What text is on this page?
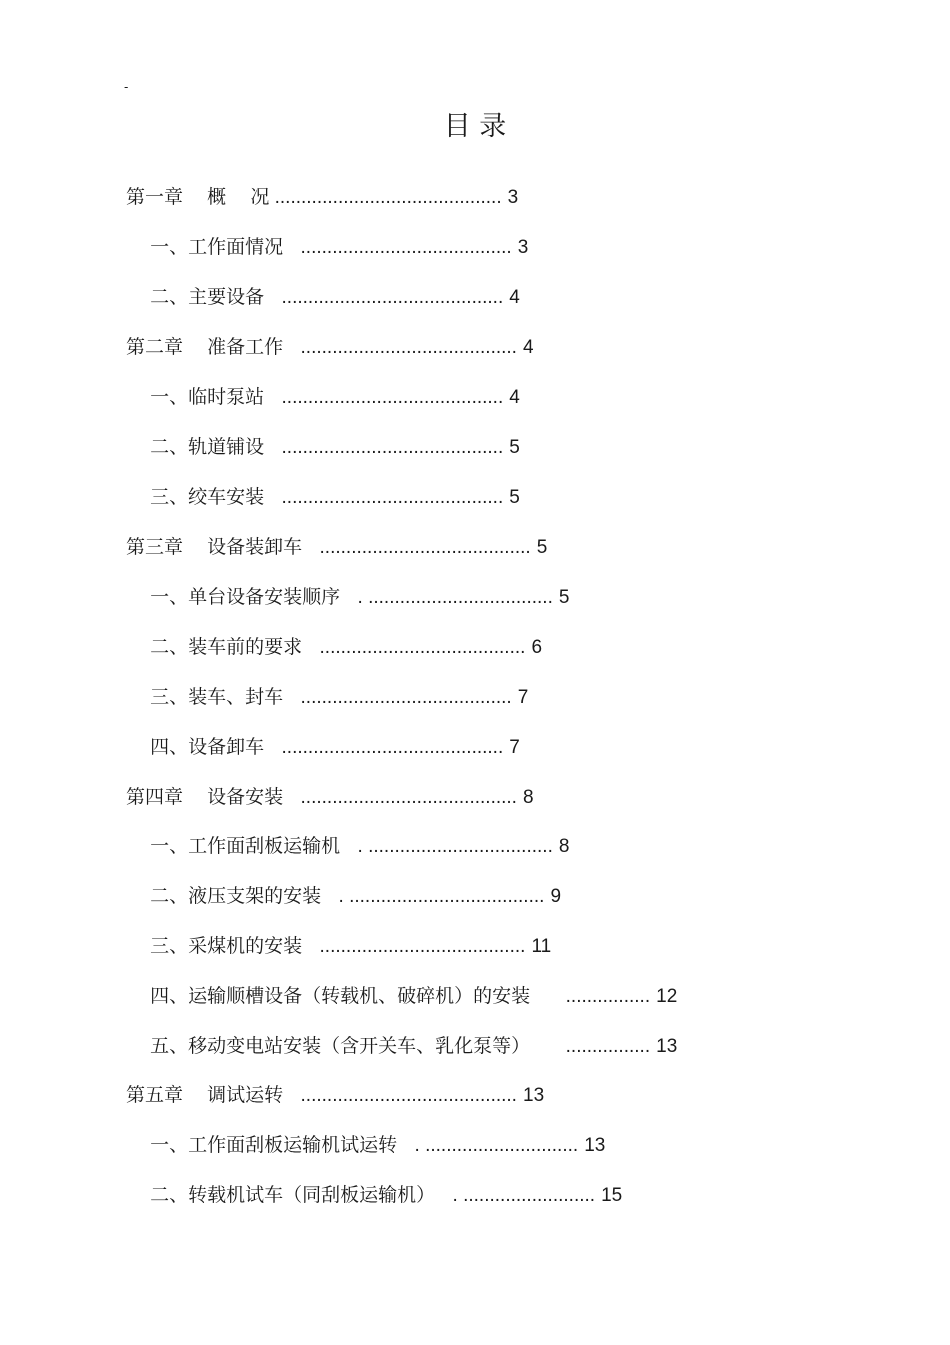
-
目 录
第一章    概    况 ........................................... 3
一、工作面情况   ........................................ 3
二、主要设备   .......................................... 4
第二章    准备工作   ......................................... 4
一、临时泵站   .......................................... 4
二、轨道铺设   .......................................... 5
三、绞车安装   .......................................... 5
第三章    设备装卸车   ........................................ 5
一、单台设备安装顺序   . ................................... 5
二、装车前的要求   ....................................... 6
三、装车、封车   ........................................ 7
四、设备卸车   .......................................... 7
第四章    设备安装   ......................................... 8
一、工作面刮板运输机   . ................................... 8
二、液压支架的安装   . ..................................... 9
三、采煤机的安装   ....................................... 11
四、运输顺槽设备（转载机、破碎机）的安装      ................ 12
五、移动变电站安装（含开关车、乳化泵等）      ................ 13
第五章    调试运转   ......................................... 13
一、工作面刮板运输机试运转   . ............................. 13
二、转载机试车（同刮板运输机）   . ......................... 15
